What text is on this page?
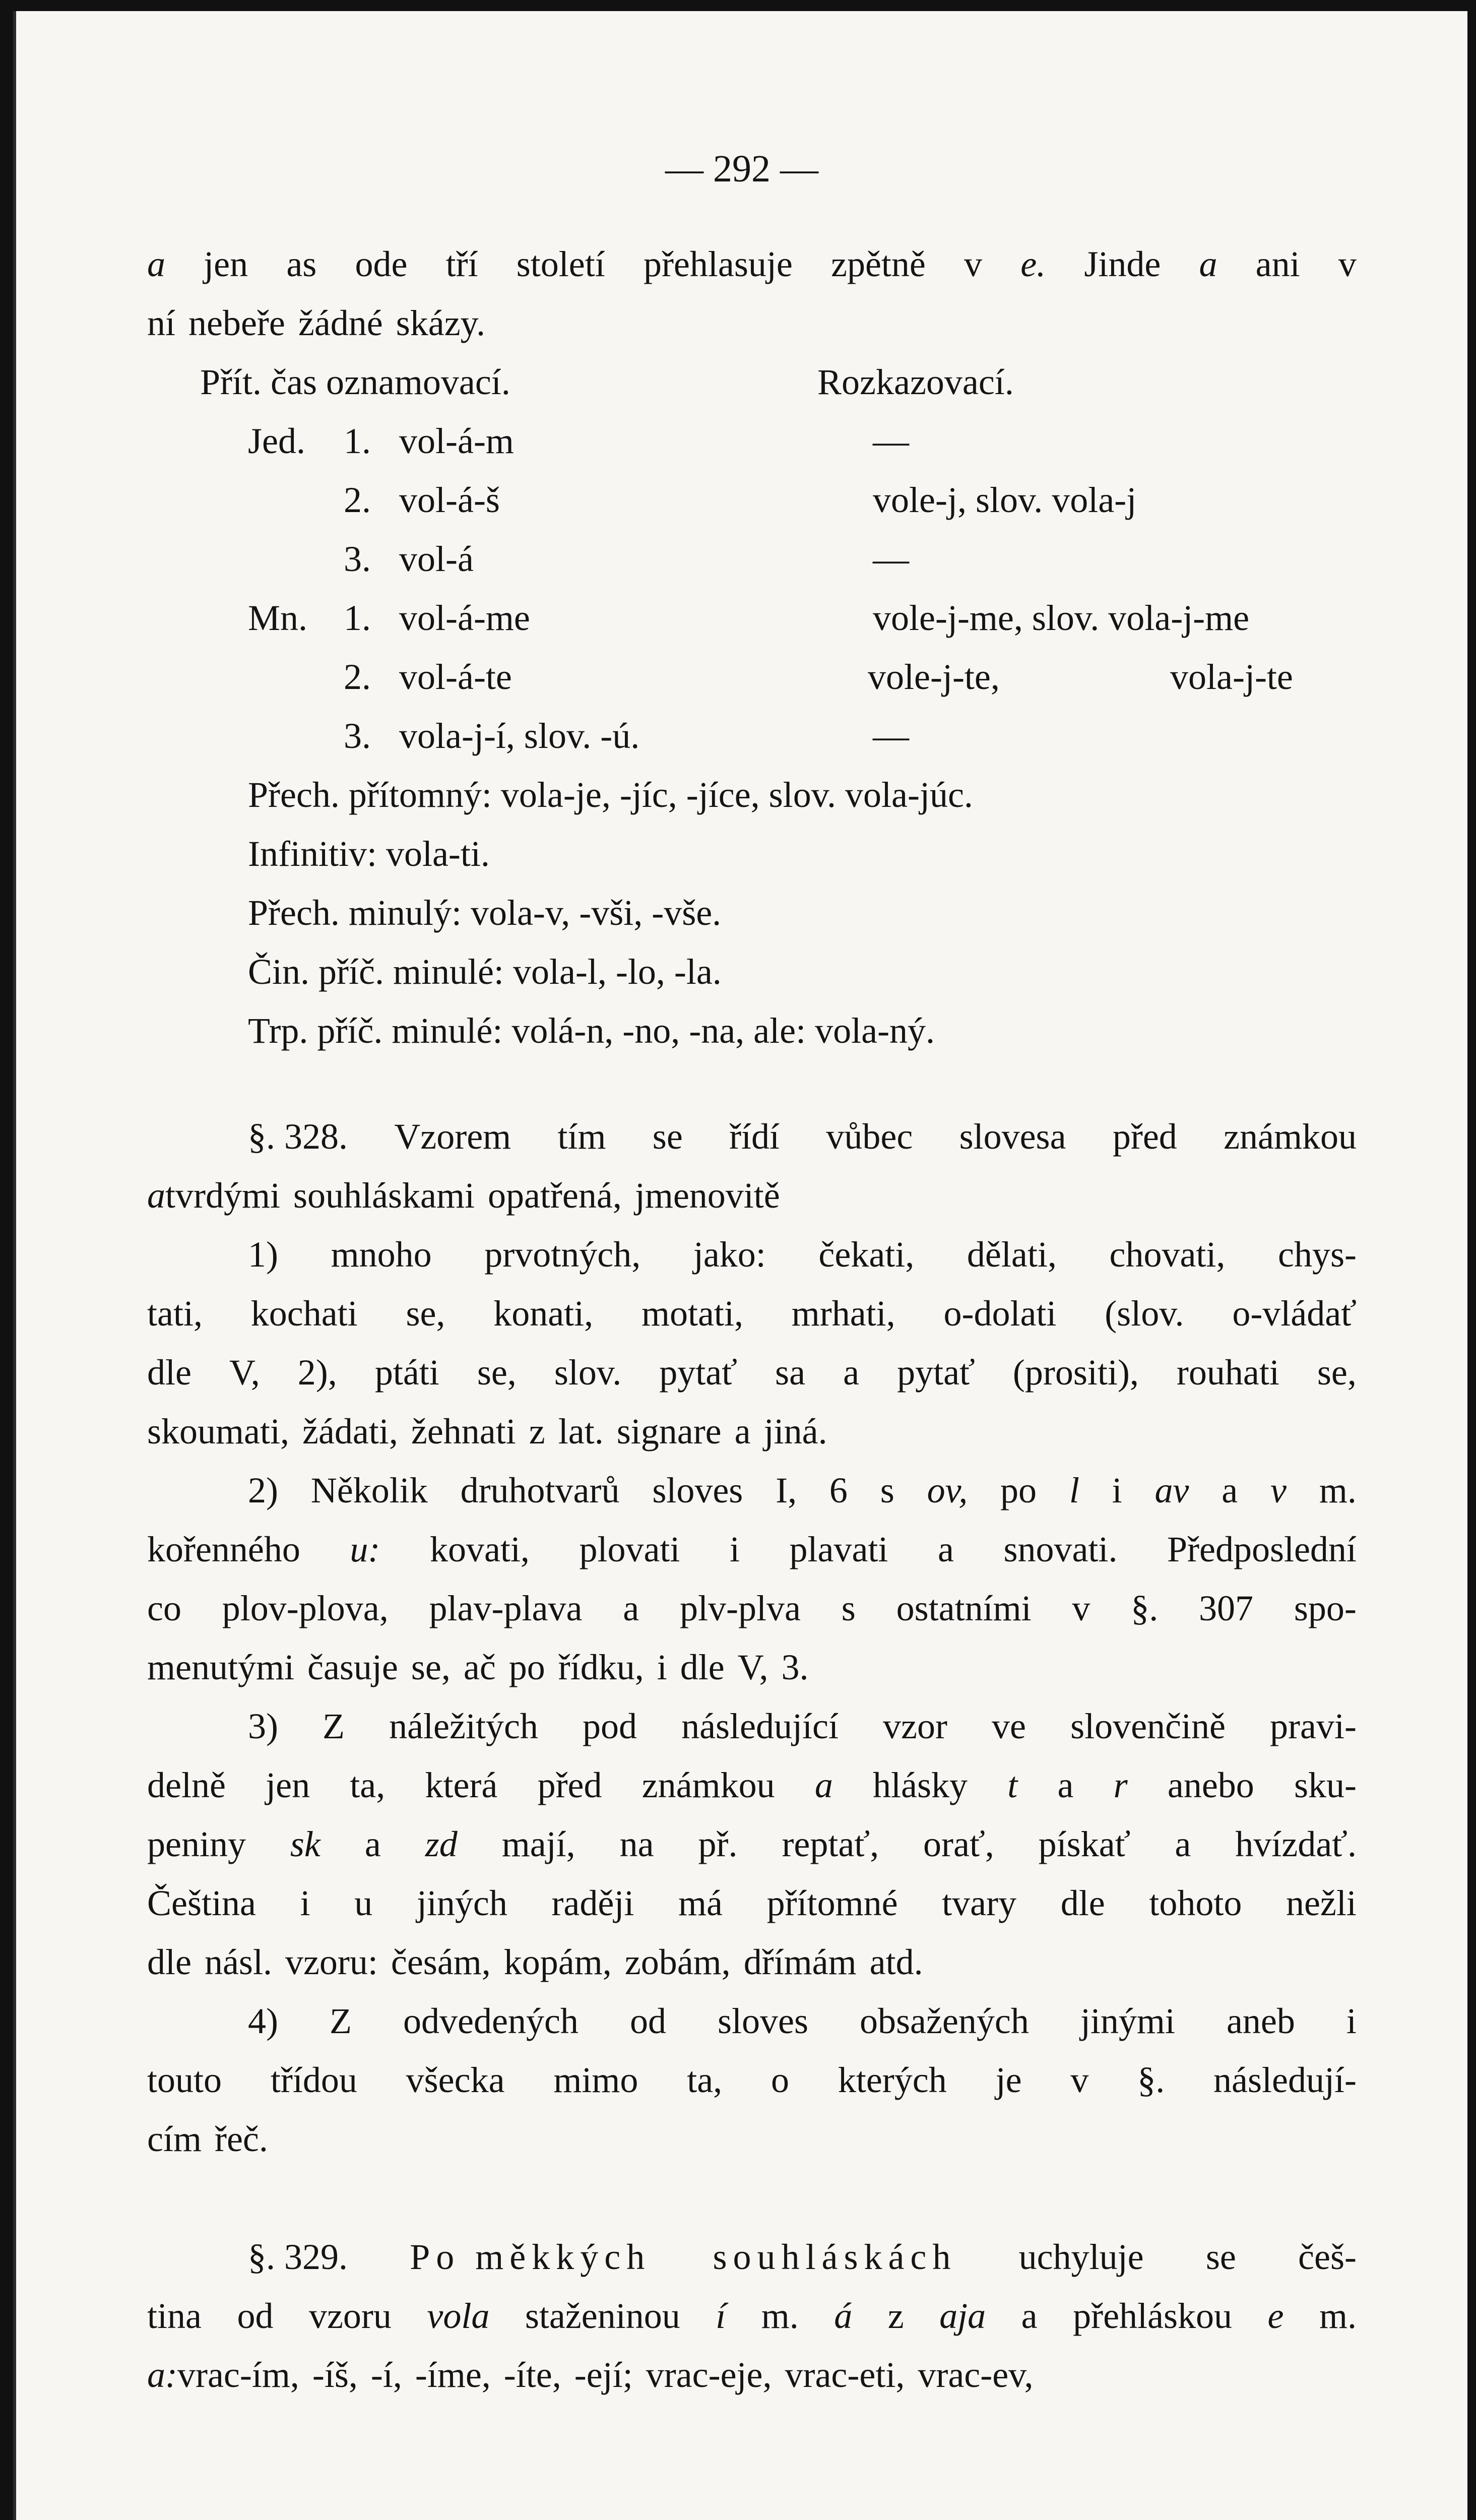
— 292 —
a jen as ode tří století přehlasuje zpětně v e. Jinde a ani v
ní nebeře žádné skázy.
Přít. čas oznamovací.	Rozkazovací.
Jed. 1. vol-á-m	—
2. vol-á-š	vole-j, slov. vola-j
3. vol-á	—
Mn. 1. vol-á-me	vole-j-me, slov. vola-j-me
2. vol-á-te	vole-j-te,	vola-j-te
3. vola-j-í, slov. -ú.	—
Přech. přítomný: vola-je, -jíc, -jíce, slov. vola-júc.
Infinitiv: vola-ti.
Přech. minulý: vola-v, -vši, -vše.
Čin. příč. minulé: vola-l, -lo, -la.
Trp. příč. minulé: volá-n, -no, -na, ale: vola-ný.
§. 328. Vzorem tím se řídí vůbec slovesa před známkou
a tvrdými souhláskami opatřená, jmenovitě
1) mnoho prvotných, jako: čekati, dělati, chovati, chys-
tati, kochati se, konati, motati, mrhati, o-dolati (slov. o-vládať
dle V, 2), ptáti se, slov. pytať sa a pytať (prositi), rouhati se,
skoumati, žádati, žehnati z lat. signare a jiná.
2) Několik druhotvarů sloves I, 6 s ov, po l i av a v m.
kořenného u: kovati, plovati i plavati a snovati. Předposlední
co plov-plova, plav-plava a plv-plva s ostatními v §. 307 spo-
menutými časuje se, ač po řídku, i dle V, 3.
3) Z náležitých pod následující vzor ve slovenčině pravi-
delně jen ta, která před známkou a hlásky t a r anebo sku-
peniny sk a zd mají, na př. reptať, orať, pískať a hvízdať.
Čeština i u jiných raději má přítomné tvary dle tohoto nežli
dle násl. vzoru: česám, kopám, zobám, dřímám atd.
4) Z odvedených od sloves obsažených jinými aneb i
touto třídou všecka mimo ta, o kterých je v §. následují-
cím řeč.
§. 329. Po měkkých souhláskách uchyluje se češ-
tina od vzoru vola staženinou í m. á z aja a přehláskou e m.
a: vrac-ím, -íš, -í, -íme, -íte, -ejí; vrac-eje, vrac-eti, vrac-ev,
